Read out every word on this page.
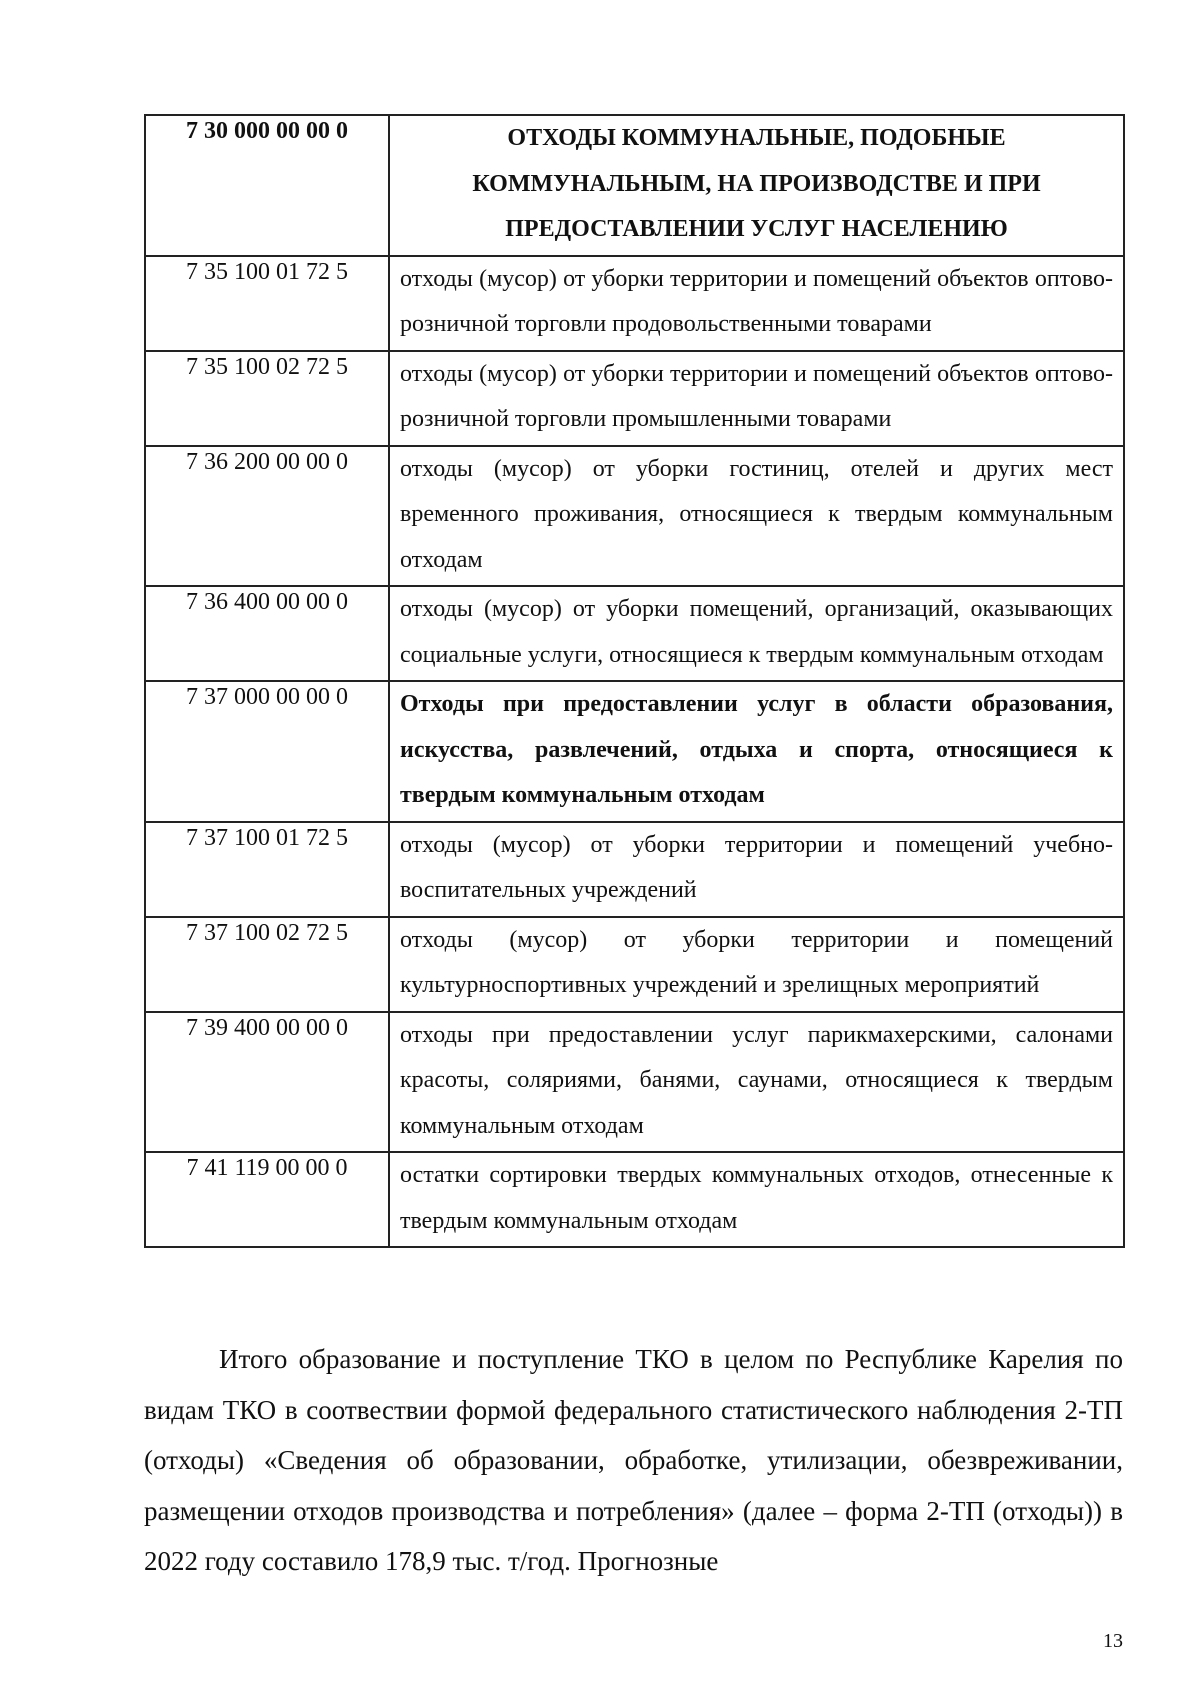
7 30 000 00 00 0	ОТХОДЫ КОММУНАЛЬНЫЕ, ПОДОБНЫЕ КОММУНАЛЬНЫМ, НА ПРОИЗВОДСТВЕ И ПРИ ПРЕДОСТАВЛЕНИИ УСЛУГ НАСЕЛЕНИЮ
7 35 100 01 72 5	отходы (мусор) от уборки территории и помещений объектов оптово-розничной торговли продовольственными товарами
7 35 100 02 72 5	отходы (мусор) от уборки территории и помещений объектов оптово-розничной торговли промышленными товарами
7 36 200 00 00 0	отходы (мусор) от уборки гостиниц, отелей и других мест временного проживания, относящиеся к твердым коммунальным отходам
7 36 400 00 00 0	отходы (мусор) от уборки помещений, организаций, оказывающих социальные услуги, относящиеся к твердым коммунальным отходам
7 37 000 00 00 0	Отходы при предоставлении услуг в области образования, искусства, развлечений, отдыха и спорта, относящиеся к твердым коммунальным отходам
7 37 100 01 72 5	отходы (мусор) от уборки территории и помещений учебно-воспитательных учреждений
7 37 100 02 72 5	отходы (мусор) от уборки территории и помещений культурноспортивных учреждений и зрелищных мероприятий
7 39 400 00 00 0	отходы при предоставлении услуг парикмахерскими, салонами красоты, соляриями, банями, саунами, относящиеся к твердым коммунальным отходам
7 41 119 00 00 0	остатки сортировки твердых коммунальных отходов, отнесенные к твердым коммунальным отходам

Итого образование и поступление ТКО в целом по Республике Карелия по видам ТКО в соотвествии формой федерального статистического наблюдения 2-ТП (отходы) «Сведения об образовании, обработке, утилизации, обезвреживании, размещении отходов производства и потребления» (далее – форма 2-ТП (отходы)) в 2022 году составило 178,9 тыс. т/год. Прогнозные

13
